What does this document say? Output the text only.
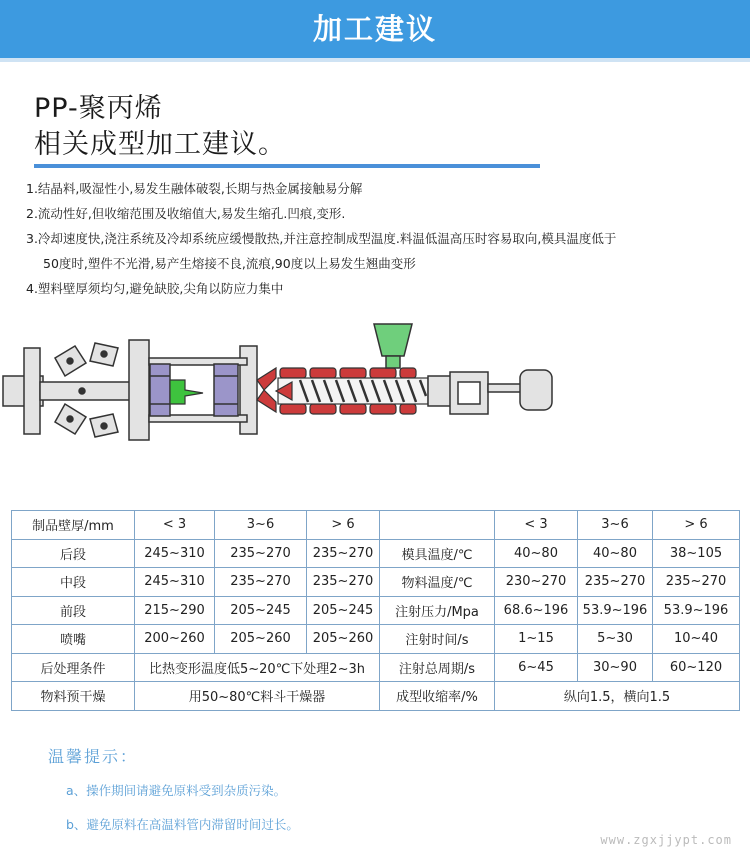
加工建议
PP-聚丙烯
相关成型加工建议。
1.结晶料,吸湿性小,易发生融体破裂,长期与热金属接触易分解
2.流动性好,但收缩范围及收缩值大,易发生缩孔.凹痕,变形.
3.冷却速度快,浇注系统及冷却系统应缓慢散热,并注意控制成型温度.料温低温高压时容易取向,模具温度低于
50度时,塑件不光滑,易产生熔接不良,流痕,90度以上易发生翘曲变形
4.塑料壁厚须均匀,避免缺胶,尖角以防应力集中
制品壁厚/mm	< 3	3~6	> 6		< 3	3~6	> 6
后段	245~310	235~270	235~270	模具温度/℃	40~80	40~80	38~105
中段	245~310	235~270	235~270	物料温度/℃	230~270	235~270	235~270
前段	215~290	205~245	205~245	注射压力/Mpa	68.6~196	53.9~196	53.9~196
喷嘴	200~260	205~260	205~260	注射时间/s	1~15	5~30	10~40
后处理条件	比热变形温度低5~20℃下处理2~3h			注射总周期/s	6~45	30~90	60~120
物料预干燥	用50~80℃料斗干燥器			成型收缩率/%	纵向1.5，横向1.5		
温馨提示：
a、操作期间请避免原料受到杂质污染。
b、避免原料在高温料管内滞留时间过长。
www.zgxjjypt.com
